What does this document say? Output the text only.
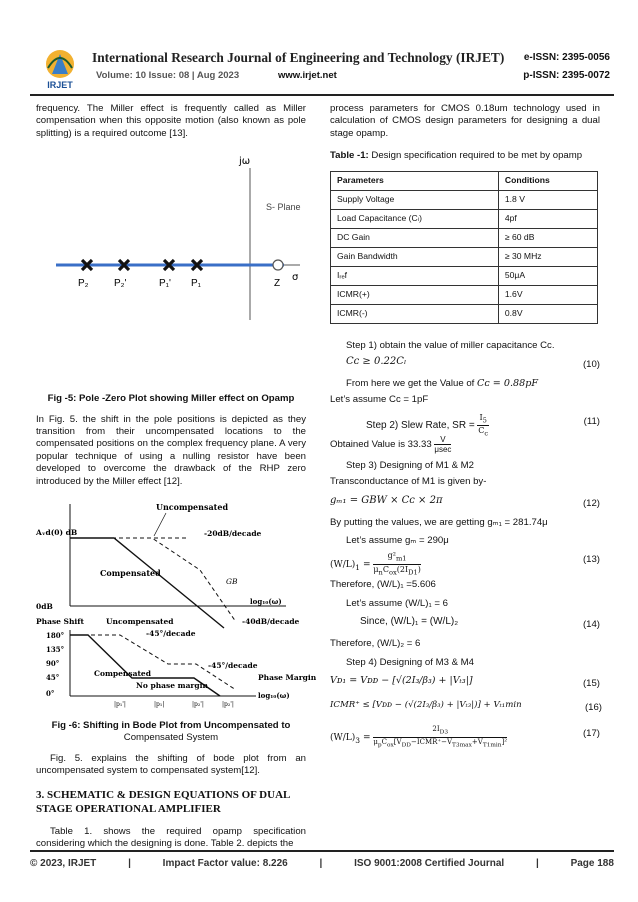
IRJET
International Research Journal of Engineering and Technology (IRJET) e-ISSN: 2395-0056
Volume: 10 Issue: 08 | Aug 2023	www.irjet.net	p-ISSN: 2395-0072

frequency. The Miller effect is frequently called as Miller compensation when this opposite motion (also known as pole splitting) is a required outcome [13].

jω
σ
S- Plane
P₂	P₂'	P₁' P₁	Z

Fig -5: Pole -Zero Plot showing Miller effect on Opamp

In Fig. 5. the shift in the pole positions is depicted as they transition from their uncompensated locations to the compensated positions on the complex frequency plane. A very popular technique of using a nulling resistor have been developed to overcome the drawback of the RHP zero introduced by the Miller effect [12].

Uncompensated
Aᵥd(0) dB	-20dB/decade
Compensated
GB
0dB
log₁₀(ω)
-40dB/decade
Phase Shift	Uncompensated
-45°/decade
180°
135°
90°
45°
0°
Compensated
-45°/decade
No phase margin
Phase Margin
log₁₀(ω)
|p₁'|	|p₁|	|p₂'|	|p₂'|

Fig -6: Shifting in Bode Plot from Uncompensated to

Compensated System

Fig. 5. explains the shifting of bode plot from an uncompensated system to compensated system[12].

3. SCHEMATIC & DESIGN EQUATIONS OF DUAL STAGE OPERATIONAL AMPLIFIER

Table 1. shows the required opamp specification considering which the designing is done. Table 2. depicts the

process parameters for CMOS 0.18um technology used in calculation of CMOS design parameters for designing a dual stage opamp.

Table -1: Design specification required to be met by opamp

Parameters	Conditions
Supply Voltage	1.8 V
Load Capacitance (Cₗ)	4pf
DC Gain	≥ 60 dB
Gain Bandwidth	≥ 30 MHz
Iᵣₑf	50μA
ICMR(+)	1.6V
ICMR(-)	0.8V

Step 1) obtain the value of miller capacitance Cᴄ.

Cᴄ ≥ 0.22Cₗ	(10)

From here we get the Value of Cᴄ = 0.88pF

Let’s assume Cᴄ = 1pF

Step 2) Slew Rate, SR = $\frac{I_5}{C_c}$	(11)

Obtained Value is $33.33 \frac{V}{\mu\sec}$

Step 3) Designing of M1 & M2

Transconductance of M1 is given by-

gₘ₁ = GBW × Cᴄ × 2π	(12)

By putting the values, we are getting gₘ₁ = 281.74μ

Let’s assume gₘ = 290μ

$(W/L)_1 = \frac{g^2_{m1}}{\mu_nC_{ox}(2I_{D1})}$	(13)

Therefore, (W/L)₁ =5.606

Let’s assume (W/L)₁ = 6

Since, (W/L)₁ = (W/L)₂	(14)

Therefore, (W/L)₂ = 6

Step 4) Designing of M3 & M4

Vᴅ₁ = Vᴅᴅ − [√(2I₃/β₃) + |Vₜ₃|]	(15)
ICMR⁺ ≤ [Vᴅᴅ − (√(2I₃/β₃) + |Vₜ₃|)] + Vₜ₁min	(16)
$(W/L)_3 = \frac{2I_{D3}}{\mu_pC_{ox}[V_{DD}-ICMR^+-V_{T3max}+V_{T1min}]^2}$	(17)
© 2023, IRJET	|	Impact Factor value: 8.226	|	ISO 9001:2008 Certified Journal	|	Page 188
